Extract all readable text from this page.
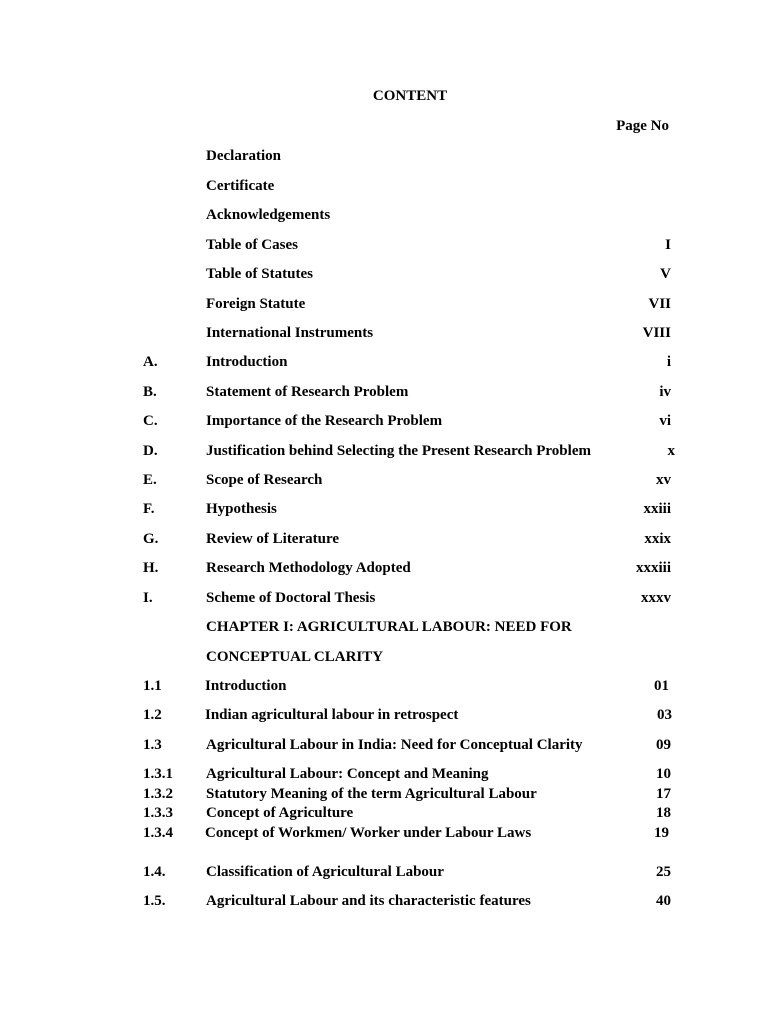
CONTENT
Page No
Declaration
Certificate
Acknowledgements
Table of Cases	I
Table of Statutes	V
Foreign Statute	VII
International Instruments	VIII
A.	Introduction	i
B.	Statement of Research Problem	iv
C.	Importance of the Research Problem	vi
D.	Justification behind Selecting the Present Research Problem	x
E.	Scope of Research	xv
F.	Hypothesis	xxiii
G.	Review of Literature	xxix
H.	Research Methodology Adopted	xxxiii
I.	Scheme of Doctoral Thesis	xxxv
CHAPTER I: AGRICULTURAL LABOUR: NEED FOR
CONCEPTUAL CLARITY
1.1	Introduction	01
1.2	Indian agricultural labour in retrospect	03
1.3	Agricultural Labour in India: Need for Conceptual Clarity	09
1.3.1 Agricultural Labour: Concept and Meaning	10
1.3.2 Statutory Meaning of the term Agricultural Labour	17
1.3.3 Concept of Agriculture	18
1.3.4 Concept of Workmen/ Worker under Labour Laws	19
1.4.	Classification of Agricultural Labour	25
1.5.	Agricultural Labour and its characteristic features	40
